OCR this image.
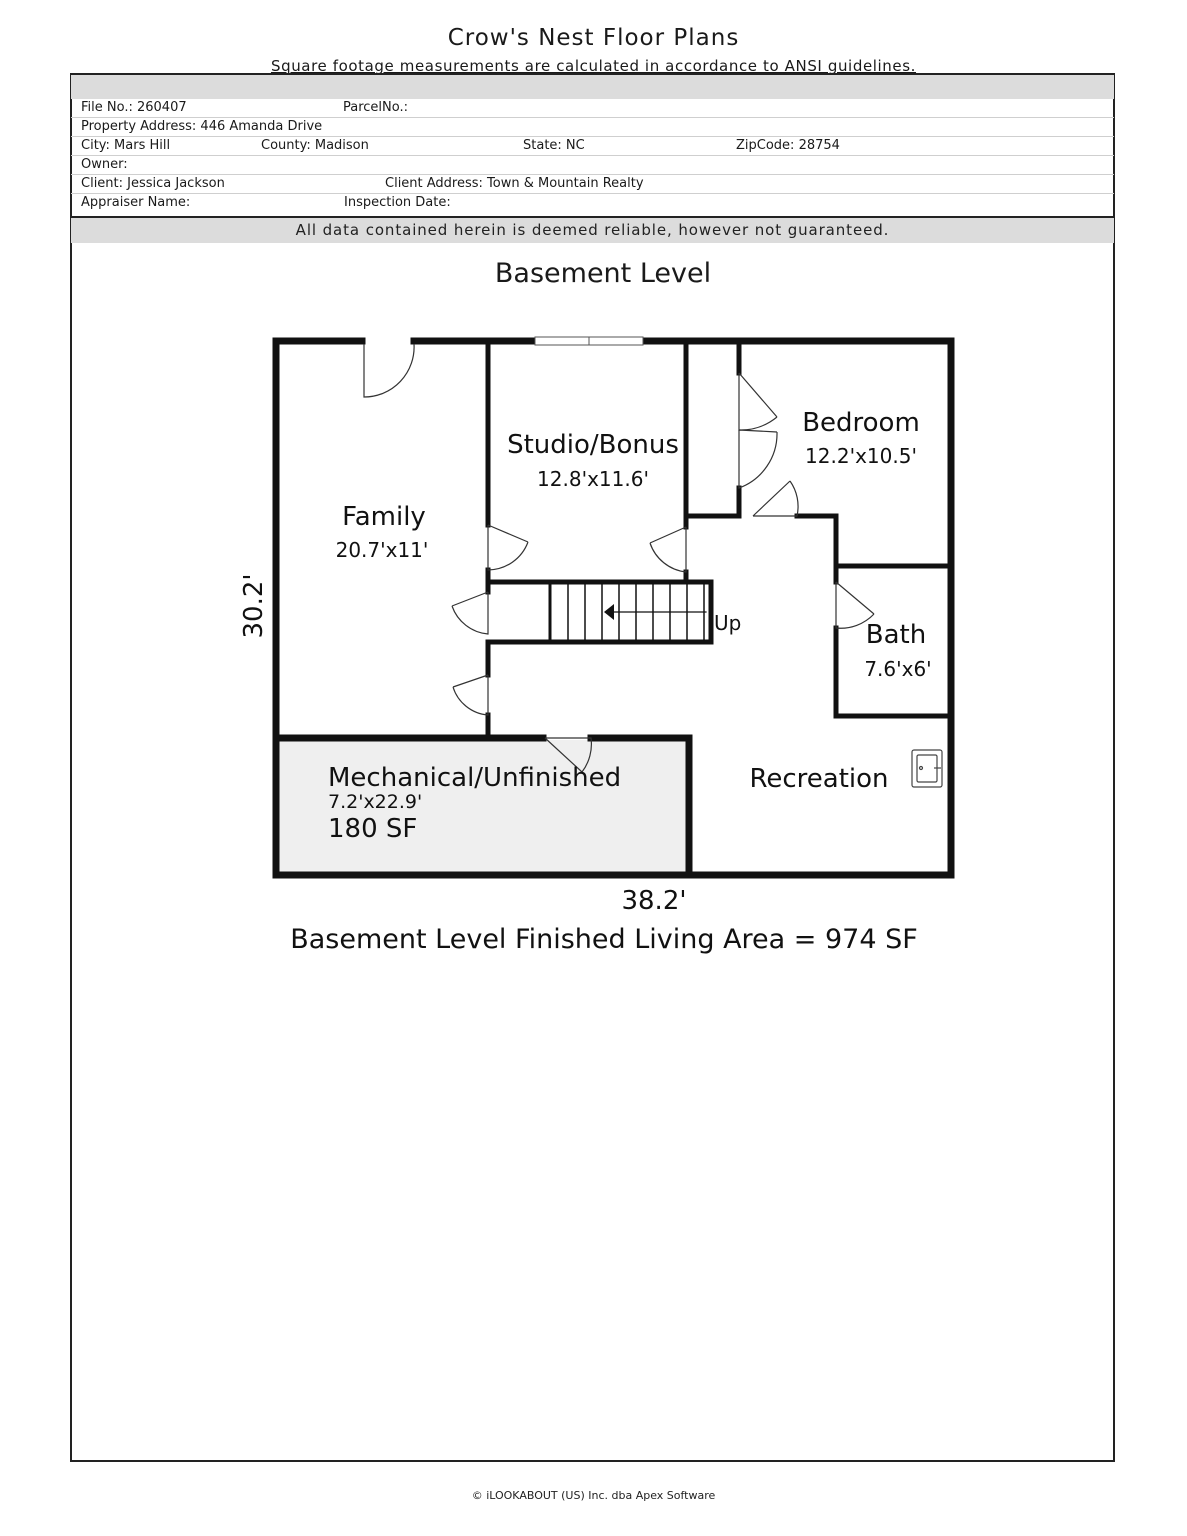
Crow's Nest Floor Plans
Square footage measurements are calculated in accordance to ANSI guidelines.
File No.: 260407	ParcelNo.:
Property Address: 446 Amanda Drive
City: Mars Hill	County: Madison	State: NC	ZipCode: 28754
Owner:
Client: Jessica Jackson	Client Address: Town & Mountain Realty
Appraiser Name:	Inspection Date:
All data contained herein is deemed reliable, however not guaranteed.
Basement Level
Family
20.7'x11'
Studio/Bonus
12.8'x11.6'
Bedroom
12.2'x10.5'
Bath
7.6'x6'
Recreation
Mechanical/Unfinished
7.2'x22.9'
180 SF
Up
38.2'
30.2'
Basement Level Finished Living Area = 974 SF
© iLOOKABOUT (US) Inc. dba Apex Software
